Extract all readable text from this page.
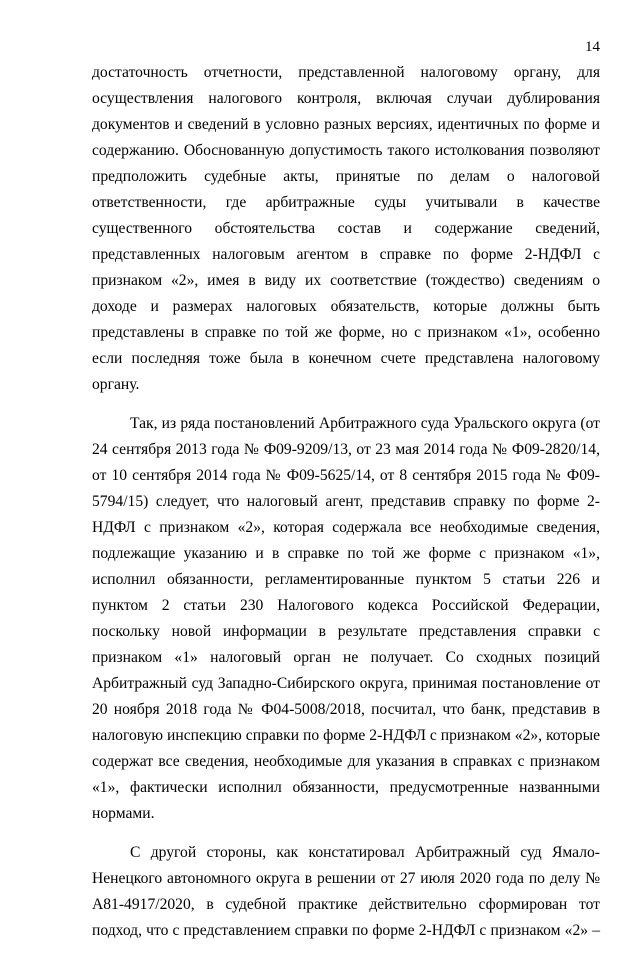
14

достаточность отчетности, представленной налоговому органу, для осуществления налогового контроля, включая случаи дублирования документов и сведений в условно разных версиях, идентичных по форме и содержанию. Обоснованную допустимость такого истолкования позволяют предположить судебные акты, принятые по делам о налоговой ответственности, где арбитражные суды учитывали в качестве существенного обстоятельства состав и содержание сведений, представленных налоговым агентом в справке по форме 2-НДФЛ с признаком «2», имея в виду их соответствие (тождество) сведениям о доходе и размерах налоговых обязательств, которые должны быть представлены в справке по той же форме, но с признаком «1», особенно если последняя тоже была в конечном счете представлена налоговому органу.

Так, из ряда постановлений Арбитражного суда Уральского округа (от 24 сентября 2013 года № Ф09-9209/13, от 23 мая 2014 года № Ф09-2820/14, от 10 сентября 2014 года № Ф09-5625/14, от 8 сентября 2015 года № Ф09-5794/15) следует, что налоговый агент, представив справку по форме 2-НДФЛ с признаком «2», которая содержала все необходимые сведения, подлежащие указанию и в справке по той же форме с признаком «1», исполнил обязанности, регламентированные пунктом 5 статьи 226 и пунктом 2 статьи 230 Налогового кодекса Российской Федерации, поскольку новой информации в результате представления справки с признаком «1» налоговый орган не получает. Со сходных позиций Арбитражный суд Западно-Сибирского округа, принимая постановление от 20 ноября 2018 года № Ф04-5008/2018, посчитал, что банк, представив в налоговую инспекцию справки по форме 2-НДФЛ с признаком «2», которые содержат все сведения, необходимые для указания в справках с признаком «1», фактически исполнил обязанности, предусмотренные названными нормами.

С другой стороны, как констатировал Арбитражный суд Ямало-Ненецкого автономного округа в решении от 27 июля 2020 года по делу № А81-4917/2020, в судебной практике действительно сформирован тот подход, что с представлением справки по форме 2-НДФЛ с признаком «2» –
